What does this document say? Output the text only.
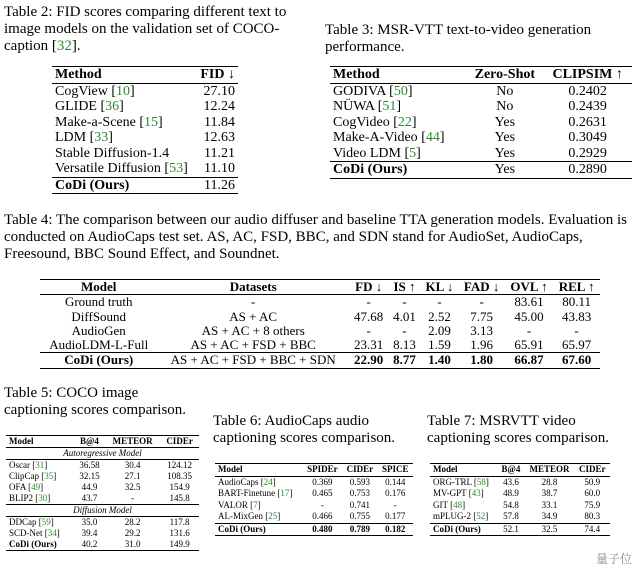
Table 2: FID scores comparing different text to image models on the validation set of COCO-caption [32].
Method	FID ↓
CogView [10]	27.10
GLIDE [36]	12.24
Make-a-Scene [15]	11.84
LDM [33]	12.63
Stable Diffusion-1.4	11.21
Versatile Diffusion [53]	11.10
CoDi (Ours)	11.26
Table 3: MSR-VTT text-to-video generation performance.
Method	Zero-Shot	CLIPSIM ↑
GODIVA [50]	No	0.2402
NÜWA [51]	No	0.2439
CogVideo [22]	Yes	0.2631
Make-A-Video [44]	Yes	0.3049
Video LDM [5]	Yes	0.2929
CoDi (Ours)	Yes	0.2890
Table 4: The comparison between our audio diffuser and baseline TTA generation models. Evaluation is conducted on AudioCaps test set. AS, AC, FSD, BBC, and SDN stand for AudioSet, AudioCaps, Freesound, BBC Sound Effect, and Soundnet.
Model	Datasets	FD ↓	IS ↑	KL ↓	FAD ↓	OVL ↑	REL ↑
Ground truth	-	-	-	-	-	83.61	80.11
DiffSound	AS + AC	47.68	4.01	2.52	7.75	45.00	43.83
AudioGen	AS + AC + 8 others	-	-	2.09	3.13	-	-
AudioLDM-L-Full	AS + AC + FSD + BBC	23.31	8.13	1.59	1.96	65.91	65.97
CoDi (Ours)	AS + AC + FSD + BBC + SDN	22.90	8.77	1.40	1.80	66.87	67.60
Table 5: COCO image captioning scores comparison.
Model	B@4	METEOR	CIDEr
Autoregressive Model			
Oscar [31]	36.58	30.4	124.12
ClipCap [35]	32.15	27.1	108.35
OFA [49]	44.9	32.5	154.9
BLIP2 [30]	43.7	-	145.8
Diffusion Model			
DDCap [59]	35.0	28.2	117.8
SCD-Net [34]	39.4	29.2	131.6
CoDi (Ours)	40.2	31.0	149.9
Table 6: AudioCaps audio captioning scores comparison.
Model	SPIDEr	CIDEr	SPICE
AudioCaps [24]	0.369	0.593	0.144
BART-Finetune [17]	0.465	0.753	0.176
VALOR [7]	-	0.741	-
AL-MixGen [25]	0.466	0.755	0.177
CoDi (Ours)	0.480	0.789	0.182
Table 7: MSRVTT video captioning scores comparison.
Model	B@4	METEOR	CIDEr
ORG-TRL [58]	43.6	28.8	50.9
MV-GPT [43]	48.9	38.7	60.0
GIT [48]	54.8	33.1	75.9
mPLUG-2 [52]	57.8	34.9	80.3
CoDi (Ours)	52.1	32.5	74.4
量子位
